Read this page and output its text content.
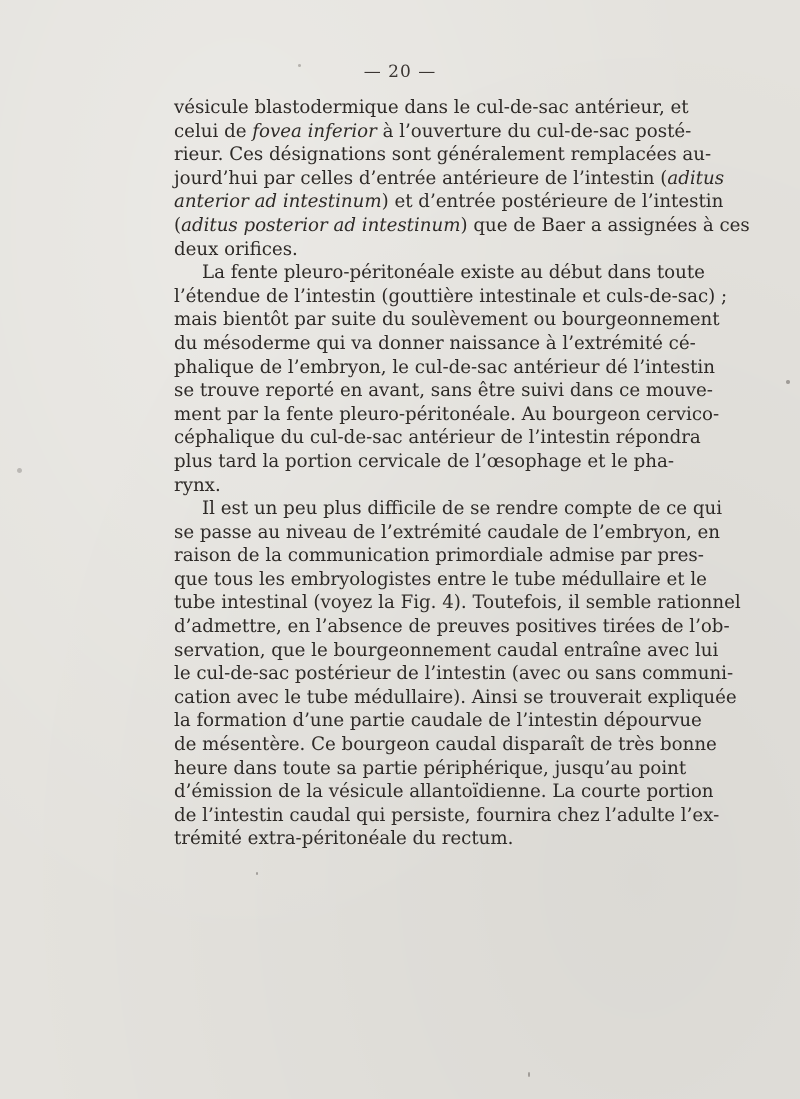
— 20 —
vésicule blastodermique dans le cul-de-sac antérieur, et
celui de fovea inferior à l’ouverture du cul-de-sac posté-
rieur. Ces désignations sont généralement remplacées au-
jourd’hui par celles d’entrée antérieure de l’intestin (aditus
anterior ad intestinum) et d’entrée postérieure de l’intestin
(aditus posterior ad intestinum) que de Baer a assignées à ces
deux orifices.
La fente pleuro-péritonéale existe au début dans toute
l’étendue de l’intestin (gouttière intestinale et culs-de-sac) ;
mais bientôt par suite du soulèvement ou bourgeonnement
du mésoderme qui va donner naissance à l’extrémité cé-
phalique de l’embryon, le cul-de-sac antérieur dé l’intestin
se trouve reporté en avant, sans être suivi dans ce mouve-
ment par la fente pleuro-péritonéale. Au bourgeon cervico-
céphalique du cul-de-sac antérieur de l’intestin répondra
plus tard la portion cervicale de l’œsophage et le pha-
rynx.
Il est un peu plus difficile de se rendre compte de ce qui
se passe au niveau de l’extrémité caudale de l’embryon, en
raison de la communication primordiale admise par pres-
que tous les embryologistes entre le tube médullaire et le
tube intestinal (voyez la Fig. 4). Toutefois, il semble rationnel
d’admettre, en l’absence de preuves positives tirées de l’ob-
servation, que le bourgeonnement caudal entraîne avec lui
le cul-de-sac postérieur de l’intestin (avec ou sans communi-
cation avec le tube médullaire). Ainsi se trouverait expliquée
la formation d’une partie caudale de l’intestin dépourvue
de mésentère. Ce bourgeon caudal disparaît de très bonne
heure dans toute sa partie périphérique, jusqu’au point
d’émission de la vésicule allantoïdienne. La courte portion
de l’intestin caudal qui persiste, fournira chez l’adulte l’ex-
trémité extra-péritonéale du rectum.
